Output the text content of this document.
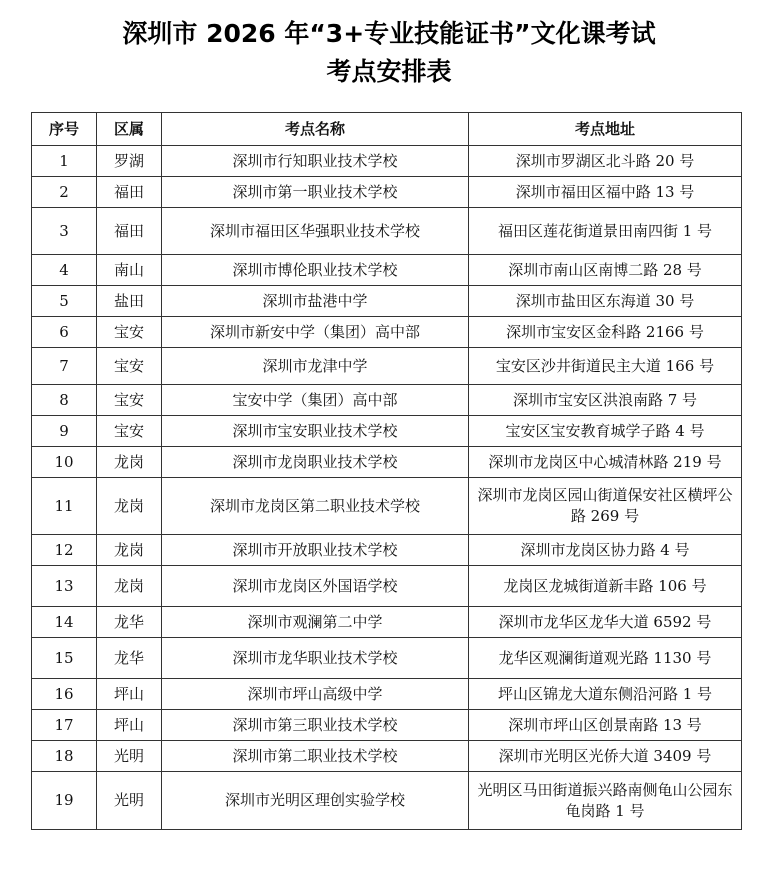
深圳市 2026 年“3+专业技能证书”文化课考试
考点安排表
序号	区属	考点名称	考点地址
1	罗湖	深圳市行知职业技术学校	深圳市罗湖区北斗路 20 号
2	福田	深圳市第一职业技术学校	深圳市福田区福中路 13 号
3	福田	深圳市福田区华强职业技术学校	福田区莲花街道景田南四街 1 号
4	南山	深圳市博伦职业技术学校	深圳市南山区南博二路 28 号
5	盐田	深圳市盐港中学	深圳市盐田区东海道 30 号
6	宝安	深圳市新安中学（集团）高中部	深圳市宝安区金科路 2166 号
7	宝安	深圳市龙津中学	宝安区沙井街道民主大道 166 号
8	宝安	宝安中学（集团）高中部	深圳市宝安区洪浪南路 7 号
9	宝安	深圳市宝安职业技术学校	宝安区宝安教育城学子路 4 号
10	龙岗	深圳市龙岗职业技术学校	深圳市龙岗区中心城清林路 219 号
11	龙岗	深圳市龙岗区第二职业技术学校	深圳市龙岗区园山街道保安社区横坪公路 269 号
12	龙岗	深圳市开放职业技术学校	深圳市龙岗区协力路 4 号
13	龙岗	深圳市龙岗区外国语学校	龙岗区龙城街道新丰路 106 号
14	龙华	深圳市观澜第二中学	深圳市龙华区龙华大道 6592 号
15	龙华	深圳市龙华职业技术学校	龙华区观澜街道观光路 1130 号
16	坪山	深圳市坪山高级中学	坪山区锦龙大道东侧沿河路 1 号
17	坪山	深圳市第三职业技术学校	深圳市坪山区创景南路 13 号
18	光明	深圳市第二职业技术学校	深圳市光明区光侨大道 3409 号
19	光明	深圳市光明区理创实验学校	光明区马田街道振兴路南侧龟山公园东龟岗路 1 号
